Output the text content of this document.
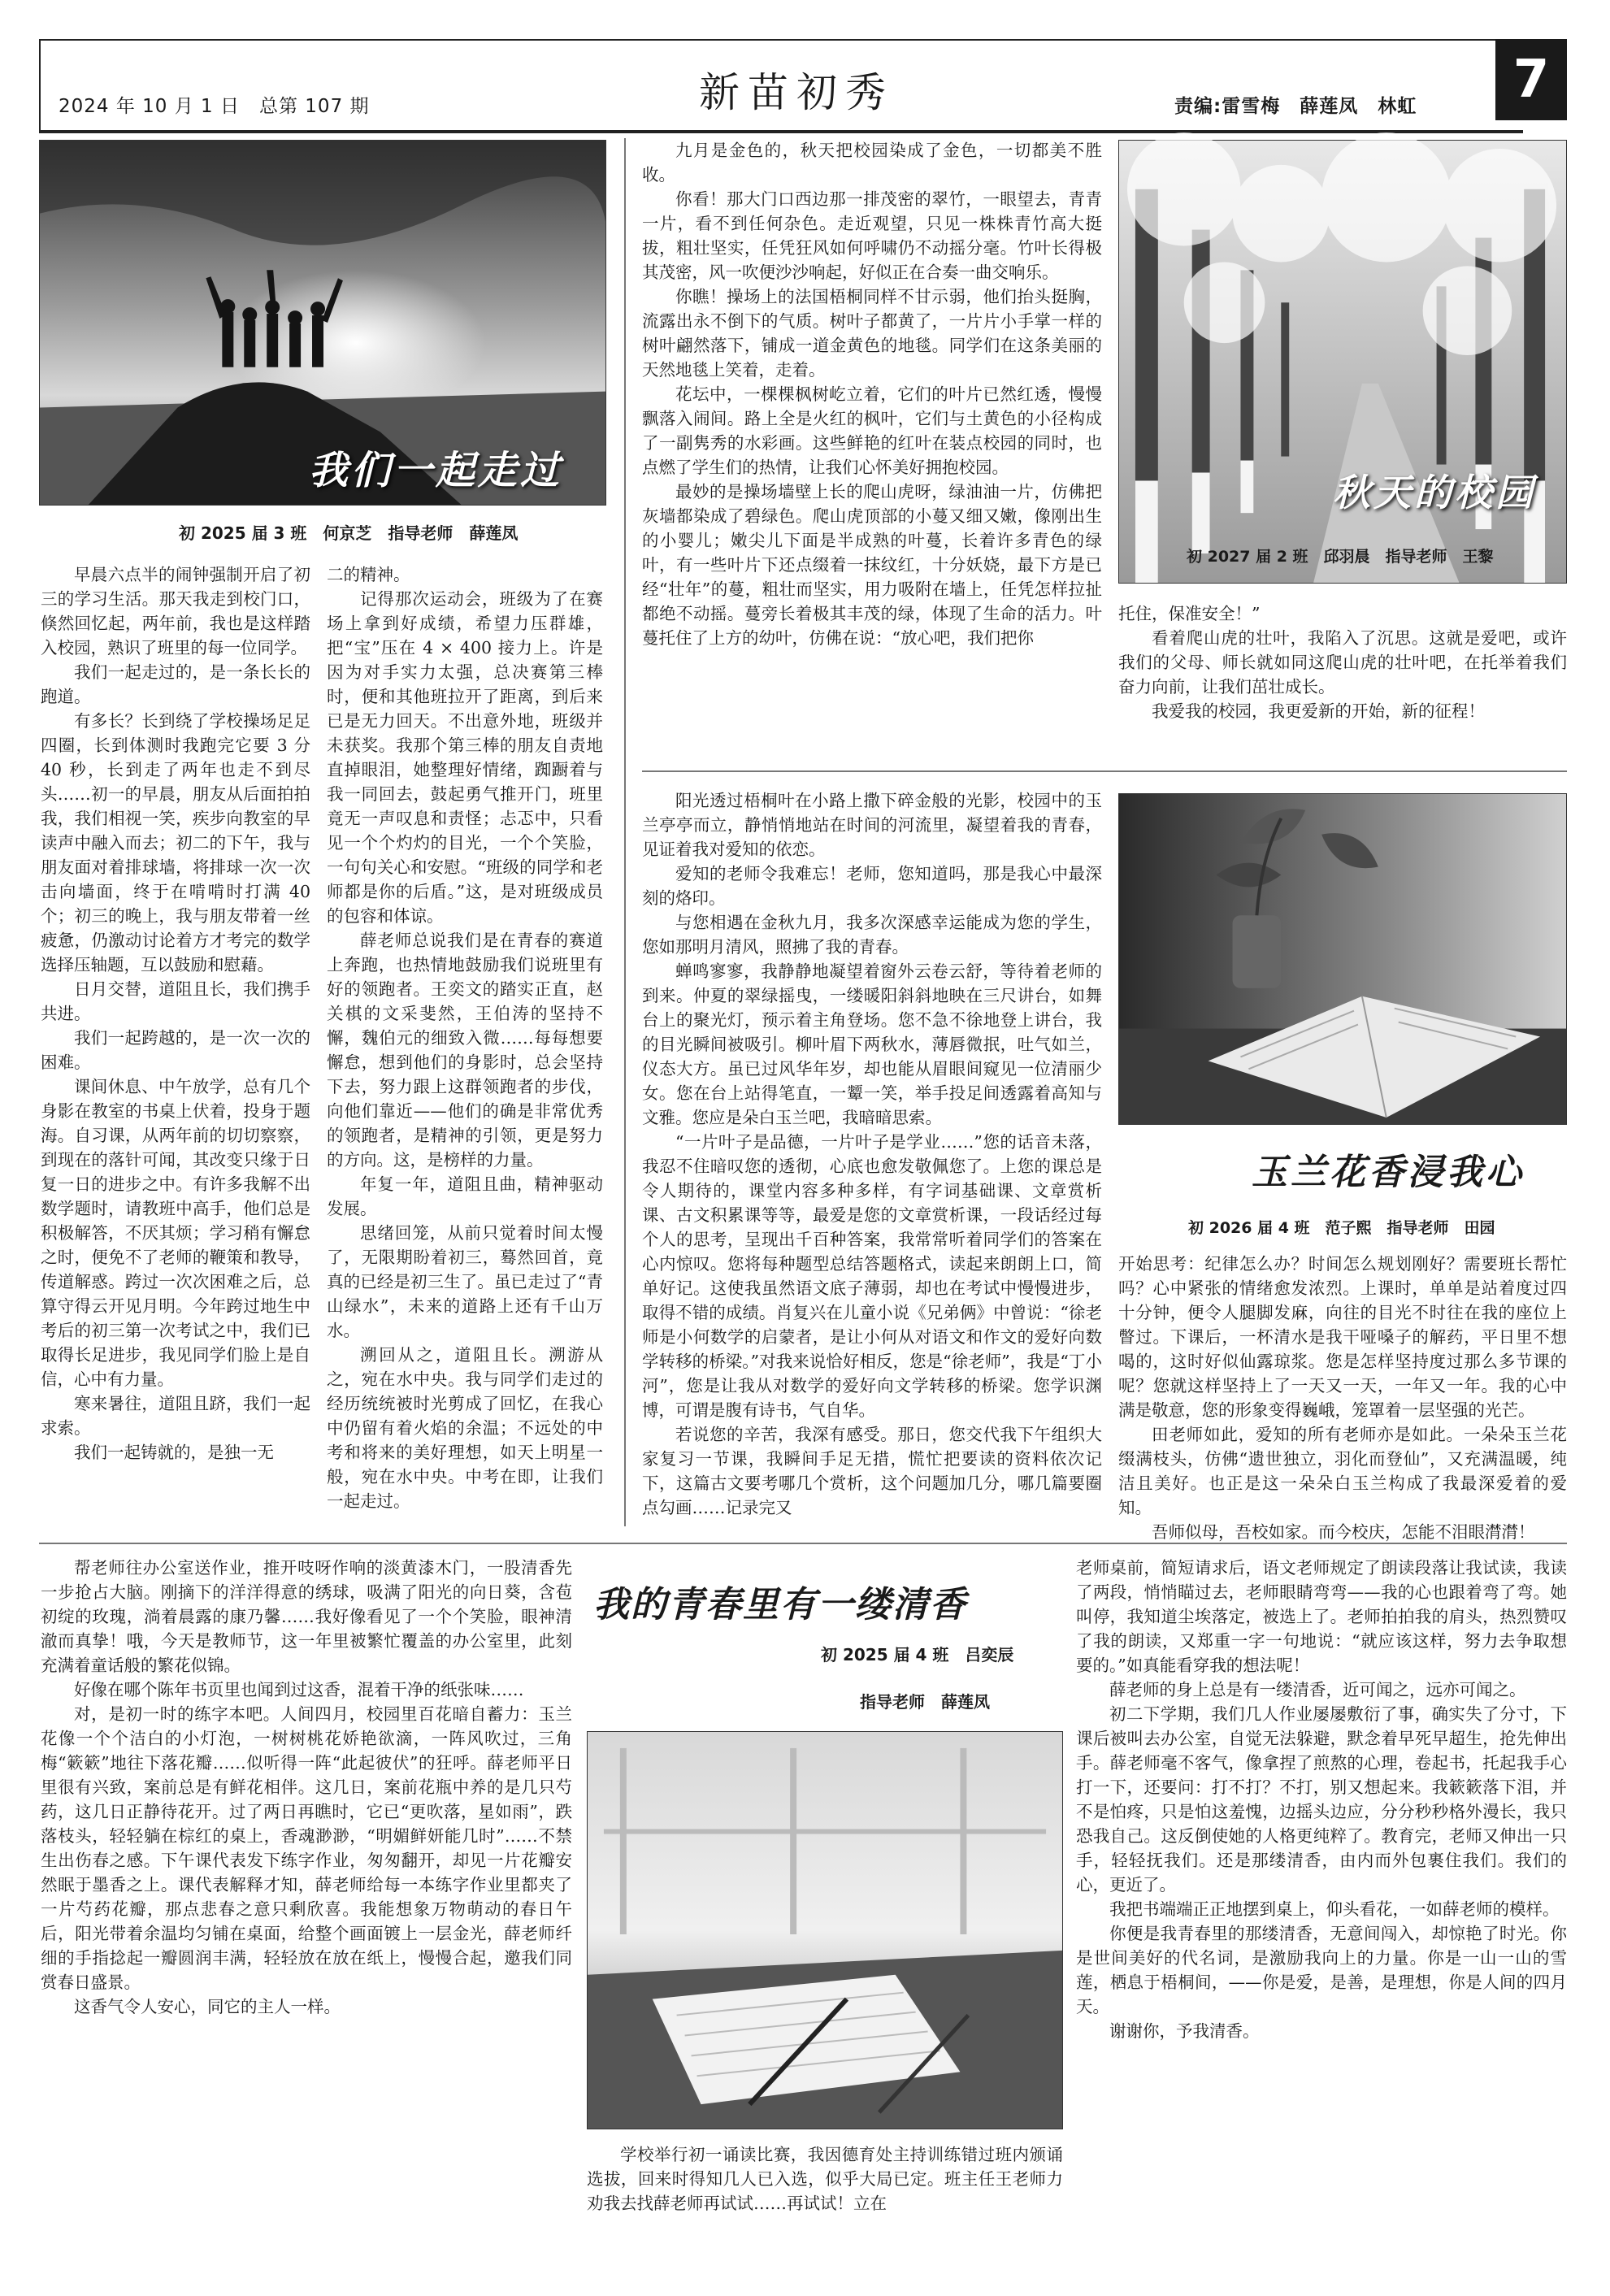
2024 年 10 月 1 日　总第 107 期	新苗初秀	责编:雷雪梅　薛莲凤　林虹	7
我们一起走过
初 2025 届 3 班　何京芝　指导老师　薛莲凤

早晨六点半的闹钟强制开启了初三的学习生活。那天我走到校门口，倏然回忆起，两年前，我也是这样踏入校园，熟识了班里的每一位同学。

我们一起走过的，是一条长长的跑道。

有多长？长到绕了学校操场足足四圈，长到体测时我跑完它要 3 分 40 秒，长到走了两年也走不到尽头……初一的早晨，朋友从后面拍拍我，我们相视一笑，疾步向教室的早读声中融入而去；初二的下午，我与朋友面对着排球墙，将排球一次一次击向墙面，终于在啃啃时打满 40 个；初三的晚上，我与朋友带着一丝疲惫，仍激动讨论着方才考完的数学选择压轴题，互以鼓励和慰藉。

日月交替，道阻且长，我们携手共进。

我们一起跨越的，是一次一次的困难。

课间休息、中午放学，总有几个身影在教室的书桌上伏着，投身于题海。自习课，从两年前的切切察察，到现在的落针可闻，其改变只缘于日复一日的进步之中。有许多我解不出数学题时，请教班中高手，他们总是积极解答，不厌其烦；学习稍有懈怠之时，便免不了老师的鞭策和教导，传道解惑。跨过一次次困难之后，总算守得云开见月明。今年跨过地生中考后的初三第一次考试之中，我们已取得长足进步，我见同学们脸上是自信，心中有力量。

寒来暑往，道阻且跻，我们一起求索。

我们一起铸就的，是独一无

二的精神。

记得那次运动会，班级为了在赛场上拿到好成绩，希望力压群雄，把“宝”压在 4 × 400 接力上。许是因为对手实力太强，总决赛第三棒时，便和其他班拉开了距离，到后来已是无力回天。不出意外地，班级并未获奖。我那个第三棒的朋友自责地直掉眼泪，她整理好情绪，踟蹰着与我一同回去，鼓起勇气推开门，班里竟无一声叹息和责怪；忐忑中，只看见一个个灼灼的目光，一个个笑脸，一句句关心和安慰。“班级的同学和老师都是你的后盾。”这，是对班级成员的包容和体谅。

薛老师总说我们是在青春的赛道上奔跑，也热情地鼓励我们说班里有好的领跑者。王奕文的踏实正直，赵关棋的文采斐然，王伯涛的坚持不懈，魏伯元的细致入微……每每想要懈怠，想到他们的身影时，总会坚持下去，努力跟上这群领跑者的步伐，向他们靠近——他们的确是非常优秀的领跑者，是精神的引领，更是努力的方向。这，是榜样的力量。

年复一年，道阻且曲，精神驱动发展。

思绪回笼，从前只觉着时间太慢了，无限期盼着初三，蓦然回首，竟真的已经是初三生了。虽已走过了“青山绿水”，未来的道路上还有千山万水。

溯回从之，道阻且长。溯游从之，宛在水中央。我与同学们走过的经历统统被时光剪成了回忆，在我心中仍留有着火焰的余温；不远处的中考和将来的美好理想，如天上明星一般，宛在水中央。中考在即，让我们一起走过。

九月是金色的，秋天把校园染成了金色，一切都美不胜收。

你看！那大门口西边那一排茂密的翠竹，一眼望去，青青一片，看不到任何杂色。走近观望，只见一株株青竹高大挺拔，粗壮坚实，任凭狂风如何呼啸仍不动摇分毫。竹叶长得极其茂密，风一吹便沙沙响起，好似正在合奏一曲交响乐。

你瞧！操场上的法国梧桐同样不甘示弱，他们抬头挺胸，流露出永不倒下的气质。树叶子都黄了，一片片小手掌一样的树叶翩然落下，铺成一道金黄色的地毯。同学们在这条美丽的天然地毯上笑着，走着。

花坛中，一棵棵枫树屹立着，它们的叶片已然红透，慢慢飘落入闹间。路上全是火红的枫叶，它们与土黄色的小径构成了一副隽秀的水彩画。这些鲜艳的红叶在装点校园的同时，也点燃了学生们的热情，让我们心怀美好拥抱校园。

最妙的是操场墙壁上长的爬山虎呀，绿油油一片，仿佛把灰墙都染成了碧绿色。爬山虎顶部的小蔓又细又嫩，像刚出生的小婴儿；嫩尖儿下面是半成熟的叶蔓，长着许多青色的绿叶，有一些叶片下还点缀着一抹纹红，十分妖娆，最下方是已经“壮年”的蔓，粗壮而坚实，用力吸附在墙上，任凭怎样拉扯都绝不动摇。蔓旁长着极其丰茂的绿，体现了生命的活力。叶蔓托住了上方的幼叶，仿佛在说：“放心吧，我们把你

秋天的校园
初 2027 届 2 班　邱羽晨　指导老师　王黎

托住，保准安全！”

看着爬山虎的壮叶，我陷入了沉思。这就是爱吧，或许我们的父母、师长就如同这爬山虎的壮叶吧，在托举着我们奋力向前，让我们茁壮成长。

我爱我的校园，我更爱新的开始，新的征程！

阳光透过梧桐叶在小路上撒下碎金般的光影，校园中的玉兰亭亭而立，静悄悄地站在时间的河流里，凝望着我的青春，见证着我对爱知的依恋。

爱知的老师令我难忘！老师，您知道吗，那是我心中最深刻的烙印。

与您相遇在金秋九月，我多次深感幸运能成为您的学生，您如那明月清风，照拂了我的青春。

蝉鸣寥寥，我静静地凝望着窗外云卷云舒，等待着老师的到来。仲夏的翠绿摇曳，一缕暖阳斜斜地映在三尺讲台，如舞台上的聚光灯，预示着主角登场。您不急不徐地登上讲台，我的目光瞬间被吸引。柳叶眉下两秋水，薄唇微抿，吐气如兰，仪态大方。虽已过风华年岁，却也能从眉眼间窥见一位清丽少女。您在台上站得笔直，一颦一笑，举手投足间透露着高知与文雅。您应是朵白玉兰吧，我暗暗思索。

“一片叶子是品德，一片叶子是学业……”您的话音未落，我忍不住暗叹您的透彻，心底也愈发敬佩您了。上您的课总是令人期待的，课堂内容多种多样，有字词基础课、文章赏析课、古文积累课等等，最爱是您的文章赏析课，一段话经过每个人的思考，呈现出千百种答案，我常常听着同学们的答案在心内惊叹。您将每种题型总结答题格式，读起来朗朗上口，简单好记。这使我虽然语文底子薄弱，却也在考试中慢慢进步，取得不错的成绩。肖复兴在儿童小说《兄弟俩》中曾说：“徐老师是小何数学的启蒙者，是让小何从对语文和作文的爱好向数学转移的桥梁。”对我来说恰好相反，您是“徐老师”，我是“丁小河”，您是让我从对数学的爱好向文学转移的桥梁。您学识渊博，可谓是腹有诗书，气自华。

若说您的辛苦，我深有感受。那日，您交代我下午组织大家复习一节课，我瞬间手足无措，慌忙把要读的资料依次记下，这篇古文要考哪几个赏析，这个问题加几分，哪几篇要圈点勾画……记录完又

玉兰花香浸我心
初 2026 届 4 班　范子熙　指导老师　田园

开始思考：纪律怎么办？时间怎么规划刚好？需要班长帮忙吗？心中紧张的情绪愈发浓烈。上课时，单单是站着度过四十分钟，便令人腿脚发麻，向往的目光不时往在我的座位上瞥过。下课后，一杯清水是我干哑嗓子的解药，平日里不想喝的，这时好似仙露琼浆。您是怎样坚持度过那么多节课的呢？您就这样坚持上了一天又一天，一年又一年。我的心中满是敬意，您的形象变得巍峨，笼罩着一层坚强的光芒。

田老师如此，爱知的所有老师亦是如此。一朵朵玉兰花缀满枝头，仿佛“遗世独立，羽化而登仙”，又充满温暖，纯洁且美好。也正是这一朵朵白玉兰构成了我最深爱着的爱知。

吾师似母，吾校如家。而今校庆，怎能不泪眼潸潸！

帮老师往办公室送作业，推开吱呀作响的淡黄漆木门，一股清香先一步抢占大脑。刚摘下的洋洋得意的绣球，吸满了阳光的向日葵，含苞初绽的玫瑰，淌着晨露的康乃馨……我好像看见了一个个笑脸，眼神清澈而真挚！哦，今天是教师节，这一年里被繁忙覆盖的办公室里，此刻充满着童话般的繁花似锦。

好像在哪个陈年书页里也闻到过这香，混着干净的纸张味……

对，是初一时的练字本吧。人间四月，校园里百花暗自蓄力：玉兰花像一个个洁白的小灯泡，一树树桃花娇艳欲滴，一阵风吹过，三角梅“簌簌”地往下落花瓣……似听得一阵“此起彼伏”的狂呼。薛老师平日里很有兴致，案前总是有鲜花相伴。这几日，案前花瓶中养的是几只芍药，这几日正静待花开。过了两日再瞧时，它已“更吹落，星如雨”，跌落枝头，轻轻躺在棕红的桌上，香魂渺渺，“明媚鲜妍能几时”……不禁生出伤春之感。下午课代表发下练字作业，匆匆翻开，却见一片花瓣安然眠于墨香之上。课代表解释才知，薛老师给每一本练字作业里都夹了一片芍药花瓣，那点悲春之意只剩欣喜。我能想象万物萌动的春日午后，阳光带着余温均匀铺在桌面，给整个画面镀上一层金光，薛老师纤细的手指捻起一瓣圆润丰满，轻轻放在放在纸上，慢慢合起，邀我们同赏春日盛景。

这香气令人安心，同它的主人一样。

我的青春里有一缕清香
初 2025 届 4 班　吕奕辰
指导老师　薛莲凤

学校举行初一诵读比赛，我因德育处主持训练错过班内颁诵选拔，回来时得知几人已入选，似乎大局已定。班主任王老师力劝我去找薛老师再试试……再试试！立在

老师桌前，简短请求后，语文老师规定了朗读段落让我试读，我读了两段，悄悄瞄过去，老师眼睛弯弯——我的心也跟着弯了弯。她叫停，我知道尘埃落定，被选上了。老师拍拍我的肩头，热烈赞叹了我的朗读，又郑重一字一句地说：“就应该这样，努力去争取想要的。”如真能看穿我的想法呢！

薛老师的身上总是有一缕清香，近可闻之，远亦可闻之。

初二下学期，我们几人作业屡屡敷衍了事，确实失了分寸，下课后被叫去办公室，自觉无法躲避，默念着早死早超生，抢先伸出手。薛老师毫不客气，像拿捏了煎熬的心理，卷起书，托起我手心打一下，还要问：打不打？不打，别又想起来。我簌簌落下泪，并不是怕疼，只是怕这羞愧，边摇头边应，分分秒秒格外漫长，我只恐我自己。这反倒使她的人格更纯粹了。教育完，老师又伸出一只手，轻轻抚我们。还是那缕清香，由内而外包裹住我们。我们的心，更近了。

我把书端端正正地摆到桌上，仰头看花，一如薛老师的模样。

你便是我青春里的那缕清香，无意间闯入，却惊艳了时光。你是世间美好的代名词，是激励我向上的力量。你是一山一山的雪莲，栖息于梧桐间，——你是爱，是善，是理想，你是人间的四月天。

谢谢你，予我清香。
